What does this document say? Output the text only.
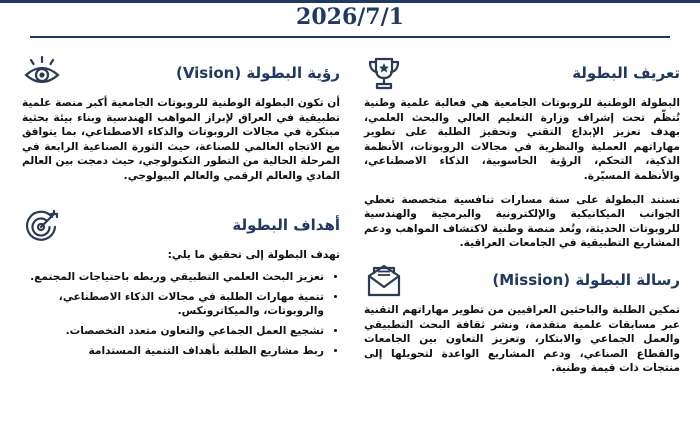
2026/7/1
تعريف البطولة

البطولة الوطنية للروبوتات الجامعية هي فعالية علمية وطنية تُنظّم تحت إشراف وزارة التعليم العالي والبحث العلمي، بهدف تعزيز الإبداع التقني وتحفيز الطلبة على تطوير مهاراتهم العملية والنظرية في مجالات الروبوتات، الأنظمة الذكية، التحكم، الرؤية الحاسوبية، الذكاء الاصطناعي، والأنظمة المسيّرة.

تستند البطولة على ستة مسارات تنافسية متخصصة تغطي الجوانب الميكانيكية والإلكترونية والبرمجية والهندسية للروبوتات الحديثة، وتُعد منصة وطنية لاكتشاف المواهب ودعم المشاريع التطبيقية في الجامعات العراقية.

رسالة البطولة (Mission)

تمكين الطلبة والباحثين العراقيين من تطوير مهاراتهم التقنية عبر مسابقات علمية متقدمة، ونشر ثقافة البحث التطبيقي والعمل الجماعي والابتكار، وتعزيز التعاون بين الجامعات والقطاع الصناعي، ودعم المشاريع الواعدة لتحويلها إلى منتجات ذات قيمة وطنية.

رؤية البطولة (Vision)

أن تكون البطولة الوطنية للروبوتات الجامعية أكبر منصة علمية تطبيقية في العراق لإبراز المواهب الهندسية وبناء بيئة بحثية مبتكرة في مجالات الروبوتات والذكاء الاصطناعي، بما يتوافق مع الاتجاه العالمي للصناعة، حيث الثورة الصناعية الرابعة في المرحلة الحالية من التطور التكنولوجي، حيث دمجت بين العالم المادي والعالم الرقمي والعالم البيولوجي.

أهداف البطولة

تهدف البطولة إلى تحقيق ما يلي:

• تعزيز البحث العلمي التطبيقي وربطه باحتياجات المجتمع.
• تنمية مهارات الطلبة في مجالات الذكاء الاصطناعي، والروبوتات، والميكاترونكس.
• تشجيع العمل الجماعي والتعاون متعدد التخصصات.
• ربط مشاريع الطلبة بأهداف التنمية المستدامة
